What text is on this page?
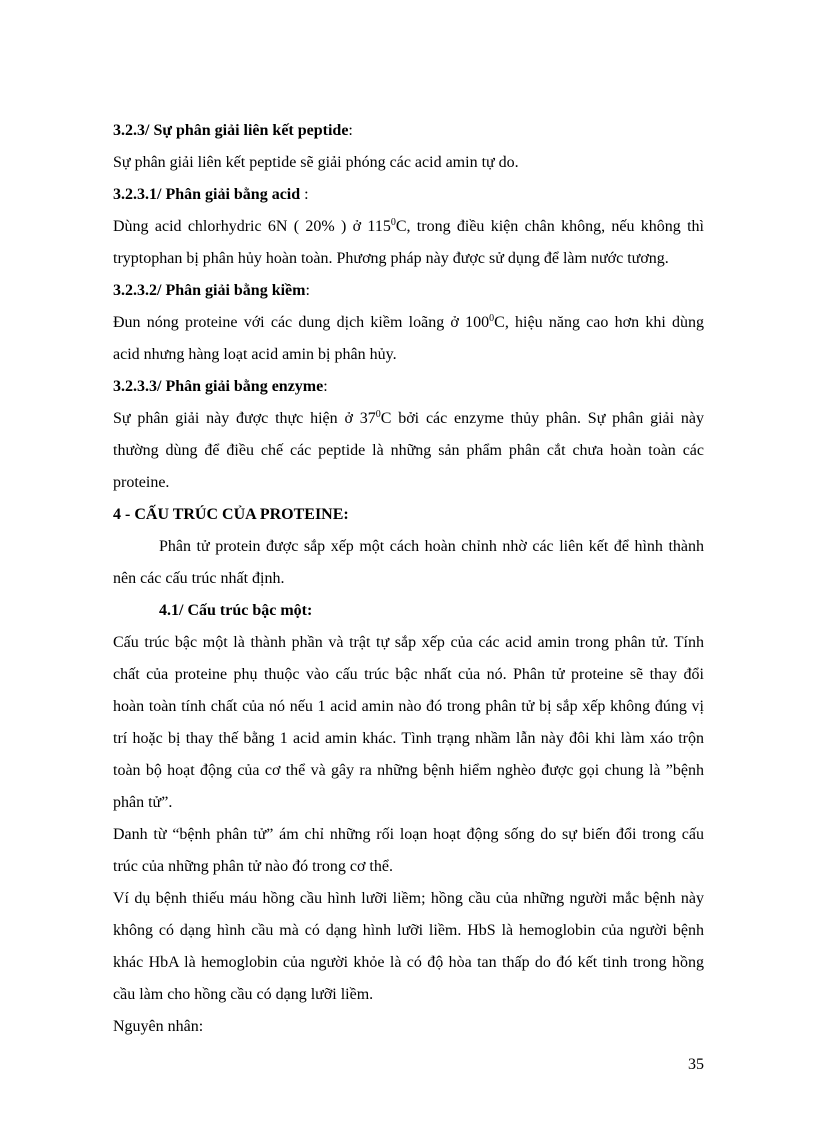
3.2.3/ Sự phân giải liên kết peptide:

Sự phân giải liên kết peptide sẽ giải phóng các acid amin tự do.

3.2.3.1/ Phân giải bằng acid :

Dùng acid chlorhydric 6N ( 20% ) ở $115^0C$, trong điều kiện chân không, nếu không thì

tryptophan bị phân hủy hoàn toàn. Phương pháp này được sử dụng để làm nước tương.

3.2.3.2/ Phân giải bằng kiềm:

Đun nóng proteine với các dung dịch kiềm loãng ở $100^0C$, hiệu năng cao hơn khi dùng

acid nhưng hàng loạt acid amin bị phân hủy.

3.2.3.3/ Phân giải bằng enzyme:

Sự phân giải này được thực hiện ở $37^0C$ bởi các enzyme thủy phân. Sự phân giải này

thường dùng để điều chế các peptide là những sản phẩm phân cắt chưa hoàn toàn các

proteine.

4 - CẤU TRÚC CỦA PROTEINE:

Phân tử protein được sắp xếp một cách hoàn chỉnh nhờ các liên kết để hình thành

nên các cấu trúc nhất định.

4.1/ Cấu trúc bậc một:

Cấu trúc bậc một là thành phần và trật tự sắp xếp của các acid amin trong phân tử. Tính

chất của proteine phụ thuộc vào cấu trúc bậc nhất của nó. Phân tử proteine sẽ thay đổi

hoàn toàn tính chất của nó nếu 1 acid amin nào đó trong phân tử bị sắp xếp không đúng vị

trí hoặc bị thay thế bằng 1 acid amin khác. Tình trạng nhầm lẫn này đôi khi làm xáo trộn

toàn bộ hoạt động của cơ thể và gây ra những bệnh hiểm nghèo được gọi chung là ”bệnh

phân tử”.

Danh từ “bệnh phân tử” ám chỉ những rối loạn hoạt động sống do sự biến đổi trong cấu

trúc của những phân tử nào đó trong cơ thể.

Ví dụ bệnh thiếu máu hồng cầu hình lưỡi liềm; hồng cầu của những người mắc bệnh này

không có dạng hình cầu mà có dạng hình lưỡi liềm. HbS là hemoglobin của người bệnh

khác HbA là hemoglobin của người khỏe là có độ hòa tan thấp do đó kết tinh trong hồng

cầu làm cho hồng cầu có dạng lưỡi liềm.

Nguyên nhân:

35
